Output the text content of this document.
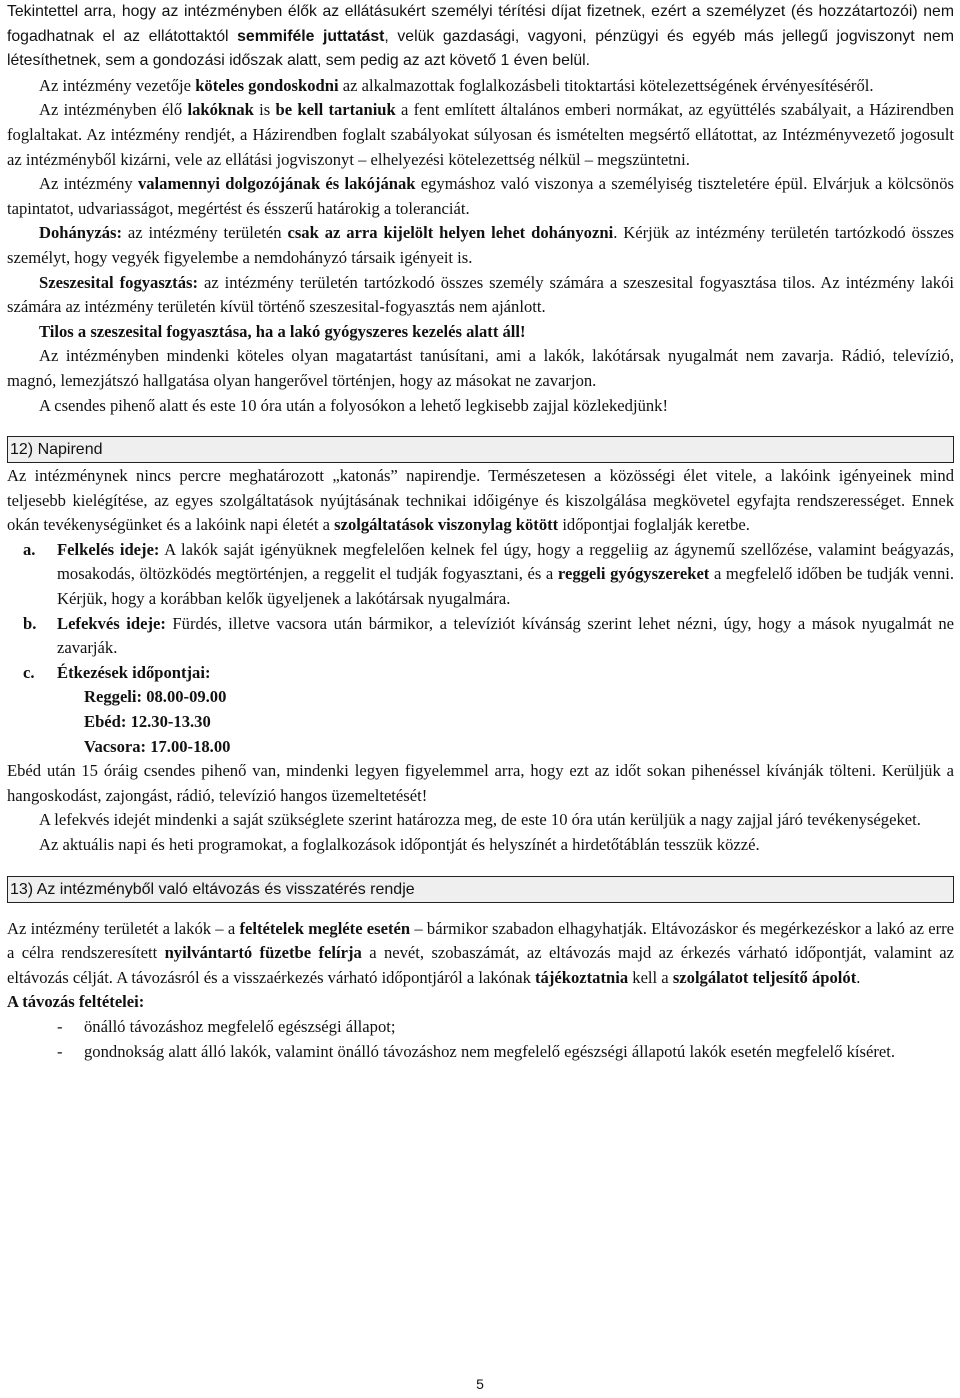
Tekintettel arra, hogy az intézményben élők az ellátásukért személyi térítési díjat fizetnek, ezért a személyzet (és hozzátartozói) nem fogadhatnak el az ellátottaktól semmiféle juttatást, velük gazdasági, vagyoni, pénzügyi és egyéb más jellegű jogviszonyt nem létesíthetnek, sem a gondozási időszak alatt, sem pedig az azt követő 1 éven belül.

Az intézmény vezetője köteles gondoskodni az alkalmazottak foglalkozásbeli titoktartási kötelezettségének érvényesítéséről.

Az intézményben élő lakóknak is be kell tartaniuk a fent említett általános emberi normákat, az együttélés szabályait, a Házirendben foglaltakat. Az intézmény rendjét, a Házirendben foglalt szabályokat súlyosan és ismételten megsértő ellátottat, az Intézményvezető jogosult az intézményből kizárni, vele az ellátási jogviszonyt – elhelyezési kötelezettség nélkül – megszüntetni.

Az intézmény valamennyi dolgozójának és lakójának egymáshoz való viszonya a személyiség tiszteletére épül. Elvárjuk a kölcsönös tapintatot, udvariasságot, megértést és ésszerű határokig a toleranciát.

Dohányzás: az intézmény területén csak az arra kijelölt helyen lehet dohányozni. Kérjük az intézmény területén tartózkodó összes személyt, hogy vegyék figyelembe a nemdohányzó társaik igényeit is.

Szeszesital fogyasztás: az intézmény területén tartózkodó összes személy számára a szeszesital fogyasztása tilos. Az intézmény lakói számára az intézmény területén kívül történő szeszesital-fogyasztás nem ajánlott.

Tilos a szeszesital fogyasztása, ha a lakó gyógyszeres kezelés alatt áll!

Az intézményben mindenki köteles olyan magatartást tanúsítani, ami a lakók, lakótársak nyugalmát nem zavarja. Rádió, televízió, magnó, lemezjátszó hallgatása olyan hangerővel történjen, hogy az másokat ne zavarjon.

A csendes pihenő alatt és este 10 óra után a folyosókon a lehető legkisebb zajjal közlekedjünk!

12) Napirend

Az intézménynek nincs percre meghatározott „katonás” napirendje. Természetesen a közösségi élet vitele, a lakóink igényeinek mind teljesebb kielégítése, az egyes szolgáltatások nyújtásának technikai időigénye és kiszolgálása megkövetel egyfajta rendszerességet. Ennek okán tevékenységünket és a lakóink napi életét a szolgáltatások viszonylag kötött időpontjai foglalják keretbe.

a. Felkelés ideje: A lakók saját igényüknek megfelelően kelnek fel úgy, hogy a reggeliig az ágynemű szellőzése, valamint beágyazás, mosakodás, öltözködés megtörténjen, a reggelit el tudják fogyasztani, és a reggeli gyógyszereket a megfelelő időben be tudják venni. Kérjük, hogy a korábban kelők ügyeljenek a lakótársak nyugalmára.

b. Lefekvés ideje: Fürdés, illetve vacsora után bármikor, a televíziót kívánság szerint lehet nézni, úgy, hogy a mások nyugalmát ne zavarják.

c. Étkezések időpontjai:

Reggeli: 08.00-09.00

Ebéd: 12.30-13.30

Vacsora: 17.00-18.00

Ebéd után 15 óráig csendes pihenő van, mindenki legyen figyelemmel arra, hogy ezt az időt sokan pihenéssel kívánják tölteni. Kerüljük a hangoskodást, zajongást, rádió, televízió hangos üzemeltetését!

A lefekvés idejét mindenki a saját szükséglete szerint határozza meg, de este 10 óra után kerüljük a nagy zajjal járó tevékenységeket.

Az aktuális napi és heti programokat, a foglalkozások időpontját és helyszínét a hirdetőtáblán tesszük közzé.

13) Az intézményből való eltávozás és visszatérés rendje

Az intézmény területét a lakók – a feltételek megléte esetén – bármikor szabadon elhagyhatják. Eltávozáskor és megérkezéskor a lakó az erre a célra rendszeresített nyilvántartó füzetbe felírja a nevét, szobaszámát, az eltávozás majd az érkezés várható időpontját, valamint az eltávozás célját. A távozásról és a visszaérkezés várható időpontjáról a lakónak tájékoztatnia kell a szolgálatot teljesítő ápolót.

A távozás feltételei:

- önálló távozáshoz megfelelő egészségi állapot;

- gondnokság alatt álló lakók, valamint önálló távozáshoz nem megfelelő egészségi állapotú lakók esetén megfelelő kíséret.

5
